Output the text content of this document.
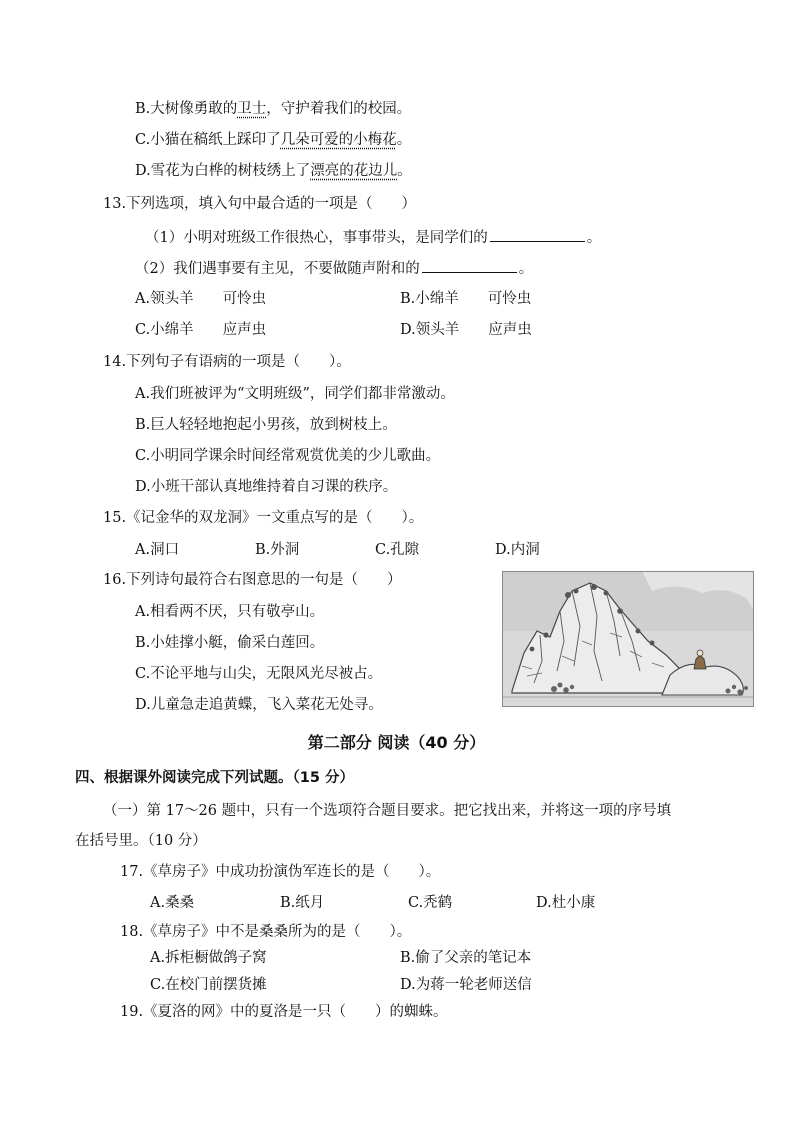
B.大树像勇敢的卫士，守护着我们的校园。
C.小猫在稿纸上踩印了几朵可爱的小梅花。
D.雪花为白桦的树枝绣上了漂亮的花边儿。
13.下列选项，填入句中最合适的一项是（　　）
（1）小明对班级工作很热心，事事带头，是同学们的	。
（2）我们遇事要有主见，不要做随声附和的	。
A.领头羊　　可怜虫	B.小绵羊　　可怜虫
C.小绵羊　　应声虫	D.领头羊　　应声虫
14.下列句子有语病的一项是（　　）。
A.我们班被评为“文明班级”，同学们都非常激动。
B.巨人轻轻地抱起小男孩，放到树枝上。
C.小明同学课余时间经常观赏优美的少儿歌曲。
D.小班干部认真地维持着自习课的秩序。
15.《记金华的双龙洞》一文重点写的是（　　）。
A.洞口	B.外洞	C.孔隙	D.内洞
16.下列诗句最符合右图意思的一句是（　　）
A.相看两不厌，只有敬亭山。
B.小娃撑小艇，偷采白莲回。
C.不论平地与山尖，无限风光尽被占。
D.儿童急走追黄蝶，飞入菜花无处寻。
第二部分 阅读（40 分）
四、根据课外阅读完成下列试题。（15 分）
（一）第 17～26 题中，只有一个选项符合题目要求。把它找出来，并将这一项的序号填
在括号里。（10 分）
17.《草房子》中成功扮演伪军连长的是（　　）。
A.桑桑	B.纸月	C.秃鹤	D.杜小康
18.《草房子》中不是桑桑所为的是（　　）。
A.拆柜橱做鸽子窝	B.偷了父亲的笔记本
C.在校门前摆货摊	D.为蒋一轮老师送信
19.《夏洛的网》中的夏洛是一只（　　）的蜘蛛。
